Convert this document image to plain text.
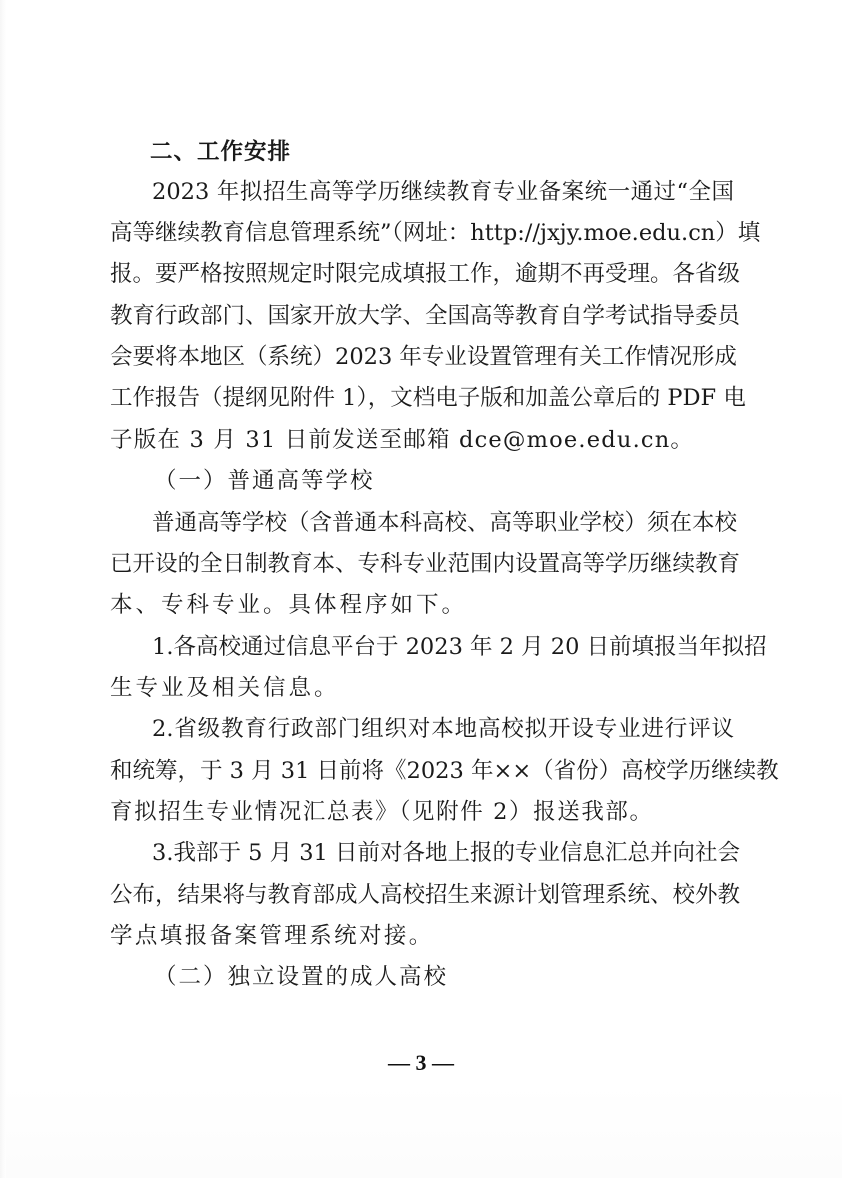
二、工作安排
2023 年拟招生高等学历继续教育专业备案统一通过“全国
高等继续教育信息管理系统”（网址：http://jxjy.moe.edu.cn）填
报。要严格按照规定时限完成填报工作，逾期不再受理。各省级
教育行政部门、国家开放大学、全国高等教育自学考试指导委员
会要将本地区（系统）2023 年专业设置管理有关工作情况形成
工作报告（提纲见附件 1），文档电子版和加盖公章后的 PDF 电
子版在 3 月 31 日前发送至邮箱 dce@moe.edu.cn。
（一）普通高等学校
普通高等学校（含普通本科高校、高等职业学校）须在本校
已开设的全日制教育本、专科专业范围内设置高等学历继续教育
本、专科专业。具体程序如下。
1.各高校通过信息平台于 2023 年 2 月 20 日前填报当年拟招
生专业及相关信息。
2.省级教育行政部门组织对本地高校拟开设专业进行评议
和统筹，于 3 月 31 日前将《2023 年××（省份）高校学历继续教
育拟招生专业情况汇总表》（见附件 2）报送我部。
3.我部于 5 月 31 日前对各地上报的专业信息汇总并向社会
公布，结果将与教育部成人高校招生来源计划管理系统、校外教
学点填报备案管理系统对接。
（二）独立设置的成人高校
— 3 —
